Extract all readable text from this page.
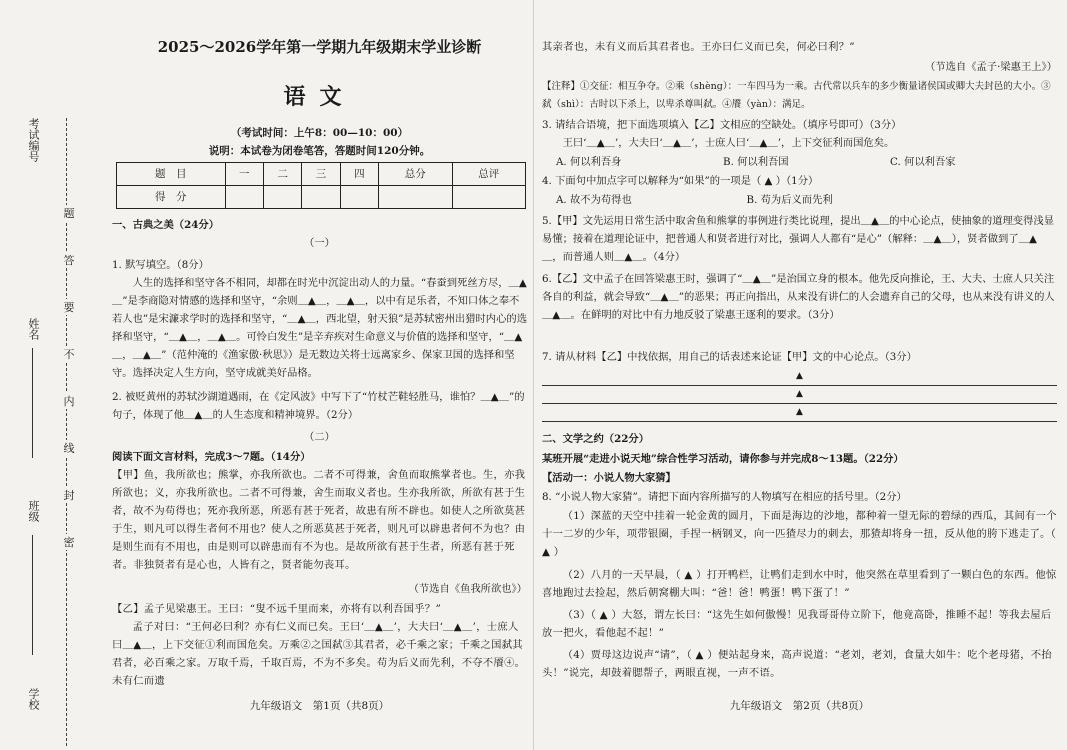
考试编号
姓名
班级
学校
题
答
要
不
内
线
封
密
2025～2026学年第一学期九年级期末学业诊断
语文
（考试时间：上午8：00—10：00）
说明：本试卷为闭卷笔答，答题时间120分钟。
题　目	一	二	三	四	总分	总评
得　分						
一、古典之美（24分）
（一）
1. 默写填空。（8分）
人生的选择和坚守各不相同，却都在时光中沉淀出动人的力量。“春蚕到死丝方尽，＿▲＿”是李商隐对情感的选择和坚守，“余则＿▲＿，＿▲＿，以中有足乐者，不知口体之奉不若人也”是宋濂求学时的选择和坚守，“＿▲＿，西北望，射天狼”是苏轼密州出猎时内心的选择和坚守，“＿▲＿，＿▲＿。可怜白发生”是辛弃疾对生命意义与价值的选择和坚守，“＿▲＿，＿▲＿”（范仲淹的《渔家傲·秋思》）是无数边关将士远离家乡、保家卫国的选择和坚守。选择决定人生方向，坚守成就美好品格。
2. 被贬黄州的苏轼沙湖道遇雨，在《定风波》中写下了“竹杖芒鞋轻胜马，谁怕？＿▲＿”的句子，体现了他＿▲＿的人生态度和精神境界。（2分）
（二）
阅读下面文言材料，完成3～7题。（14分）
【甲】鱼，我所欲也；熊掌，亦我所欲也。二者不可得兼，舍鱼而取熊掌者也。生，亦我所欲也；义，亦我所欲也。二者不可得兼，舍生而取义者也。生亦我所欲，所欲有甚于生者，故不为苟得也；死亦我所恶，所恶有甚于死者，故患有所不辟也。如使人之所欲莫甚于生，则凡可以得生者何不用也？使人之所恶莫甚于死者，则凡可以辟患者何不为也？由是则生而有不用也，由是则可以辟患而有不为也。是故所欲有甚于生者，所恶有甚于死者。非独贤者有是心也，人皆有之，贤者能勿丧耳。
（节选自《鱼我所欲也》）
【乙】孟子见梁惠王。王曰：“叟不远千里而来，亦将有以利吾国乎？”
孟子对曰：“王何必曰利？亦有仁义而已矣。王曰‘＿▲＿’，大夫曰‘＿▲＿’，士庶人曰＿▲＿，上下交征①利而国危矣。万乘②之国弑③其君者，必千乘之家；千乘之国弑其君者，必百乘之家。万取千焉，千取百焉，不为不多矣。苟为后义而先利，不夺不餍④。未有仁而遗
九年级语文　第1页（共8页）
其亲者也，未有义而后其君者也。王亦曰仁义而已矣，何必曰利？”
（节选自《孟子·梁惠王上》）
【注释】①交征：相互争夺。②乘（shèng）：一车四马为一乘。古代常以兵车的多少衡量诸侯国或卿大夫封邑的大小。③弑（shì）：古时以下杀上，以卑杀尊叫弑。④餍（yàn）：满足。
3. 请结合语境，把下面选项填入【乙】文相应的空缺处。（填序号即可）（3分）
王曰‘＿▲＿’，大夫曰‘＿▲＿’，士庶人曰‘＿▲＿’，上下交征利而国危矣。
A. 何以利吾身	B. 何以利吾国	C. 何以利吾家
4. 下面句中加点字可以解释为“如果”的一项是（ ▲ ）（1分）
A. 故不为苟得也	B. 苟为后义而先利
5.【甲】文先运用日常生活中取舍鱼和熊掌的事例进行类比说理，提出＿▲＿的中心论点，使抽象的道理变得浅显易懂；接着在道理论证中，把普通人和贤者进行对比，强调人人都有“是心”（解释：＿▲＿），贤者做到了＿▲＿，而普通人则＿▲＿。（4分）
6.【乙】文中孟子在回答梁惠王时，强调了“＿▲＿”是治国立身的根本。他先反向推论，王、大夫、士庶人只关注各自的利益，就会导致“＿▲＿”的恶果；再正向指出，从来没有讲仁的人会遗弃自己的父母，也从来没有讲义的人＿▲＿。在鲜明的对比中有力地反驳了梁惠王逐利的要求。（3分）
7. 请从材料【乙】中找依据，用自己的话表述来论证【甲】文的中心论点。（3分）
▲
▲
▲
二、文学之约（22分）
某班开展“走进小说天地”综合性学习活动，请你参与并完成8～13题。（22分）
【活动一：小说人物大家猜】
8. “小说人物大家猜”。请把下面内容所描写的人物填写在相应的括号里。（2分）
（1）深蓝的天空中挂着一轮金黄的圆月，下面是海边的沙地，都种着一望无际的碧绿的西瓜，其间有一个十一二岁的少年，项带银圈，手捏一柄钢叉，向一匹猹尽力的刺去，那猹却将身一扭，反从他的胯下逃走了。（ ▲ ）
（2）八月的一天早晨，（ ▲ ）打开鸭栏，让鸭们走到水中时，他突然在草里看到了一颗白色的东西。他惊喜地跑过去捡起，然后朝窝棚大叫：“爸！爸！鸭蛋！鸭下蛋了！”
（3）（ ▲ ）大怒，谓左长曰：“这先生如何傲慢！见我哥哥侍立阶下，他竟高卧，推睡不起！等我去屋后放一把火，看他起不起！”
（4）贾母这边说声“请”，（ ▲ ）便站起身来，高声说道：“老刘，老刘，食量大如牛：吃个老母猪，不抬头！”说完，却鼓着腮帮子，两眼直视，一声不语。
九年级语文　第2页（共8页）
